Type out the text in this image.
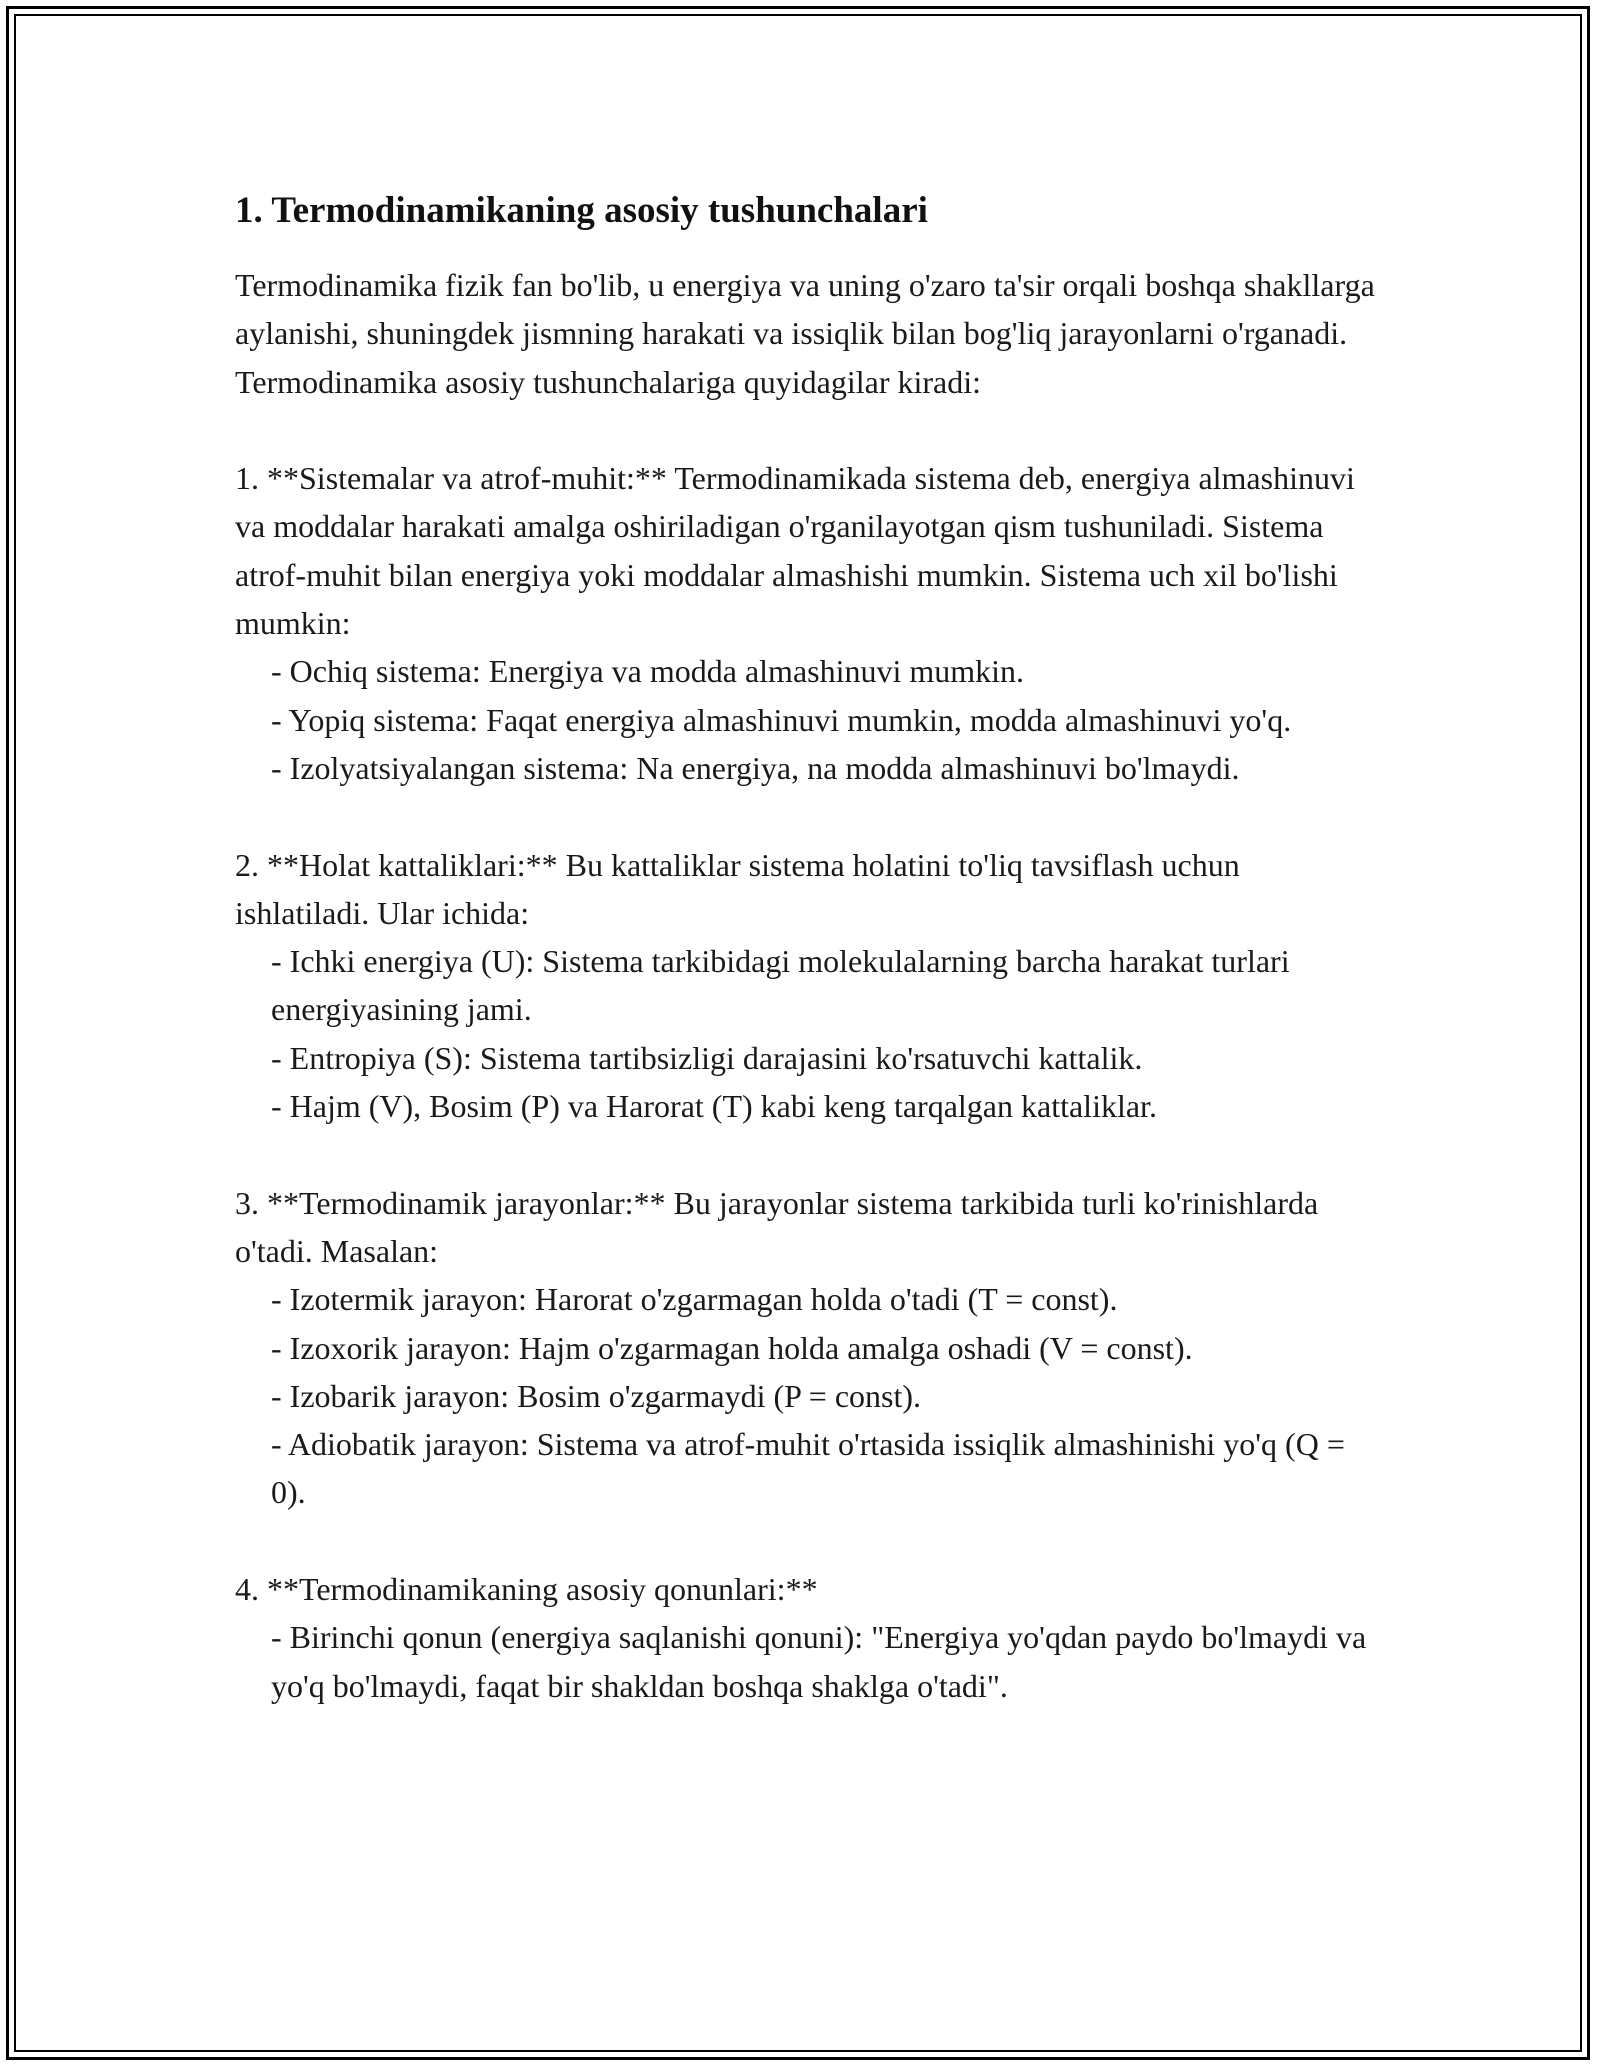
1. Termodinamikaning asosiy tushunchalari

Termodinamika fizik fan bo'lib, u energiya va uning o'zaro ta'sir orqali boshqa shakllarga aylanishi, shuningdek jismning harakati va issiqlik bilan bog'liq jarayonlarni o'rganadi. Termodinamika asosiy tushunchalariga quyidagilar kiradi:

1. **Sistemalar va atrof-muhit:** Termodinamikada sistema deb, energiya almashinuvi va moddalar harakati amalga oshiriladigan o'rganilayotgan qism tushuniladi. Sistema atrof-muhit bilan energiya yoki moddalar almashishi mumkin. Sistema uch xil bo'lishi mumkin:

- Ochiq sistema: Energiya va modda almashinuvi mumkin.

- Yopiq sistema: Faqat energiya almashinuvi mumkin, modda almashinuvi yo'q.

- Izolyatsiyalangan sistema: Na energiya, na modda almashinuvi bo'lmaydi.

2. **Holat kattaliklari:** Bu kattaliklar sistema holatini to'liq tavsiflash uchun ishlatiladi. Ular ichida:

- Ichki energiya (U): Sistema tarkibidagi molekulalarning barcha harakat turlari energiyasining jami.

- Entropiya (S): Sistema tartibsizligi darajasini ko'rsatuvchi kattalik.

- Hajm (V), Bosim (P) va Harorat (T) kabi keng tarqalgan kattaliklar.

3. **Termodinamik jarayonlar:** Bu jarayonlar sistema tarkibida turli ko'rinishlarda o'tadi. Masalan:

- Izotermik jarayon: Harorat o'zgarmagan holda o'tadi (T = const).

- Izoxorik jarayon: Hajm o'zgarmagan holda amalga oshadi (V = const).

- Izobarik jarayon: Bosim o'zgarmaydi (P = const).

- Adiobatik jarayon: Sistema va atrof-muhit o'rtasida issiqlik almashinishi yo'q (Q = 0).

4. **Termodinamikaning asosiy qonunlari:**

- Birinchi qonun (energiya saqlanishi qonuni): "Energiya yo'qdan paydo bo'lmaydi va yo'q bo'lmaydi, faqat bir shakldan boshqa shaklga o'tadi".
